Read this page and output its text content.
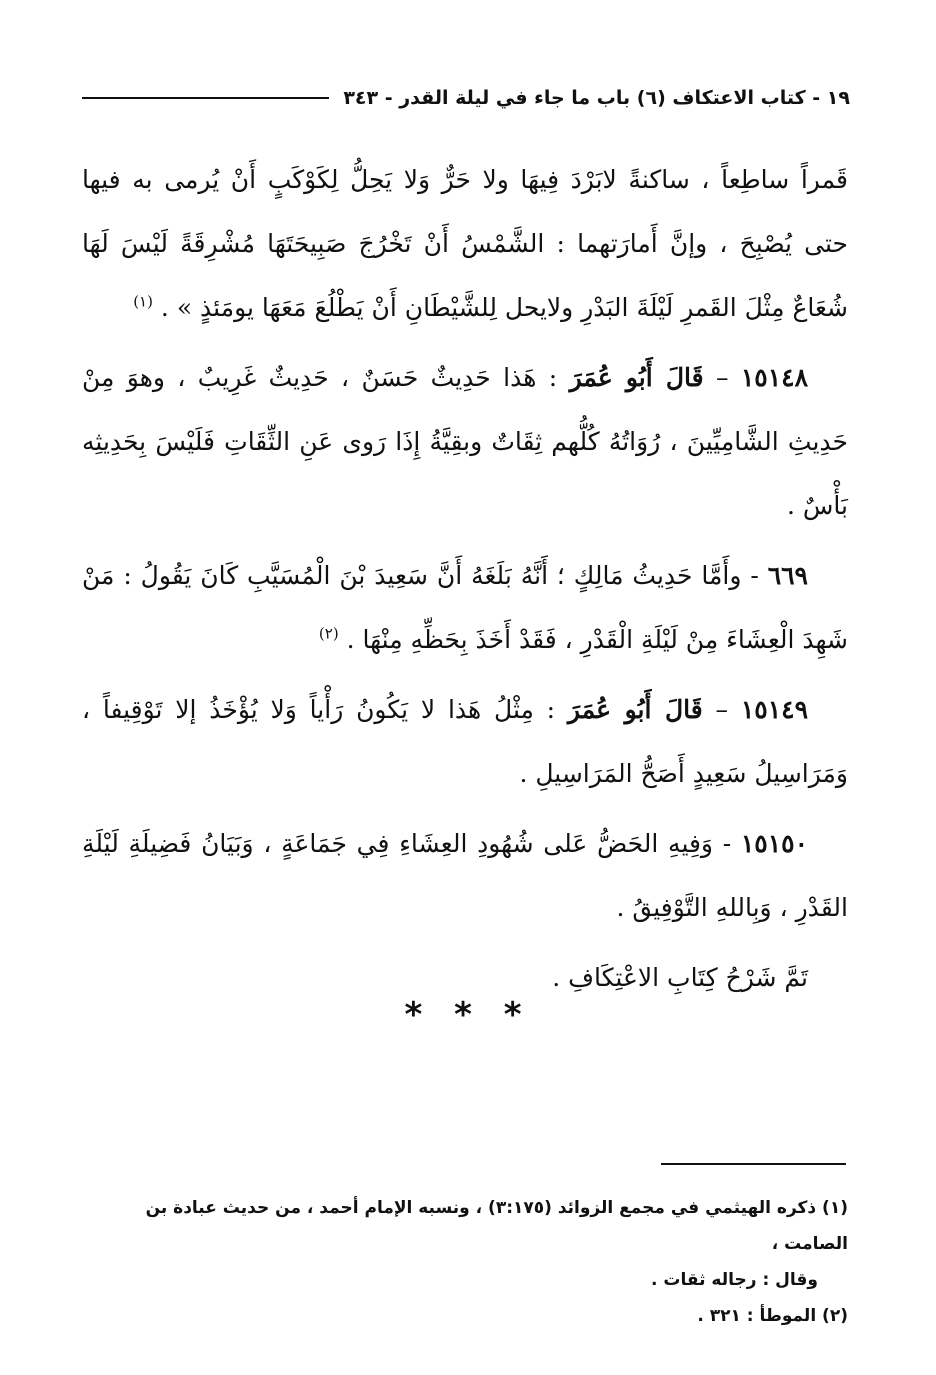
١٩ - كتاب الاعتكاف (٦) باب ما جاء في ليلة القدر - ٣٤٣

قَمراً ساطِعاً ، ساكنةً لابَرْدَ فِيهَا ولا حَرٌّ وَلا يَحِلُّ لِكَوْكَبٍ أَنْ يُرمى به فيها حتى يُصْبِحَ ، وإنَّ أَمارَتهما : الشَّمْسُ أَنْ تَخْرُجَ صَبِيحَتَهَا مُشْرِقَةً لَيْسَ لَهَا شُعَاعٌ مِثْلَ القَمرِ لَيْلَةَ البَدْرِ ولايحل لِلشَّيْطَانِ أَنْ يَطْلُعَ مَعَهَا يومَئذٍ » . $^{(١)}$

١٥١٤٨ – قَالَ أَبُو عُمَرَ : هَذا حَدِيثٌ حَسَنٌ ، حَدِيثٌ غَرِيبٌ ، وهوَ مِنْ حَدِيثِ الشَّامِيِّينَ ، رُوَاتُهُ كُلُّهم ثِقَاتٌ وبقِيَّةُ إِذَا رَوى عَنِ الثِّقَاتِ فَلَيْسَ بِحَدِيثِه بَأْسٌ .

٦٦٩ - وأَمَّا حَدِيثُ مَالِكٍ ؛ أَنَّهُ بَلَغَهُ أَنَّ سَعِيدَ بْنَ الْمُسَيَّبِ كَانَ يَقُولُ : مَنْ شَهِدَ الْعِشَاءَ مِنْ لَيْلَةِ الْقَدْرِ ، فَقَدْ أَخَذَ بِحَظِّهِ مِنْهَا . $^{(٢)}$

١٥١٤٩ – قَالَ أَبُو عُمَرَ : مِثْلُ هَذا لا يَكُونُ رَأْياً وَلا يُؤْخَذُ إلا تَوْقِيفاً ، وَمَرَاسِيلُ سَعِيدٍ أَصَحُّ المَرَاسِيلِ .

١٥١٥٠ - وَفِيهِ الحَضُّ عَلى شُهُودِ العِشَاءِ فِي جَمَاعَةٍ ، وَبَيَانُ فَضِيلَةِ لَيْلَةِ القَدْرِ ، وَبِاللهِ التَّوْفِيقُ .

تَمَّ شَرْحُ كِتَابِ الاعْتِكَافِ .

* * *

(١) ذكره الهيثمي في مجمع الزوائد (٣:١٧٥) ، ونسبه الإمام أحمد ، من حديث عبادة بن الصامت ،

وقال : رجاله ثقات .

(٢) الموطأ : ٣٢١ .
